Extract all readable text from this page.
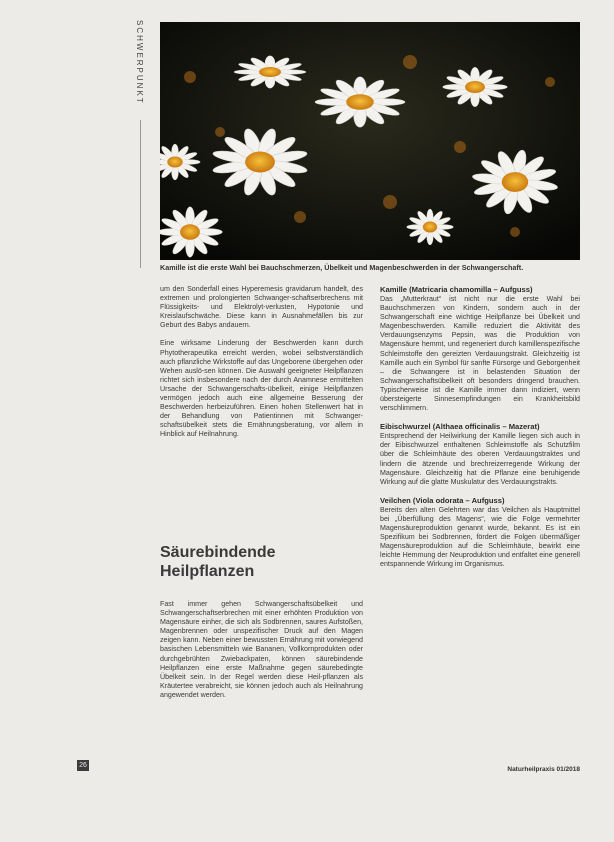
SCHWERPUNKT
Kamille ist die erste Wahl bei Bauchschmerzen, Übelkeit und Magenbeschwerden in der Schwangerschaft.

um den Sonderfall eines Hyperemesis gravidarum handelt, des extremen und prolongierten Schwanger-schaftserbrechens mit Flüssigkeits- und Elektrolyt-verlusten, Hypotonie und Kreislaufschwäche. Diese kann in Ausnahmefällen bis zur Geburt des Babys andauern.

Eine wirksame Linderung der Beschwerden kann durch Phytotherapeutika erreicht werden, wobei selbstverständlich auch pflanzliche Wirkstoffe auf das Ungeborene übergehen oder Wehen auslö-sen können. Die Auswahl geeigneter Heilpflanzen richtet sich insbesondere nach der durch Anamnese ermittelten Ursache der Schwangerschafts-übelkeit, einige Heilpflanzen vermögen jedoch auch eine allgemeine Besserung der Beschwerden herbeizuführen. Einen hohen Stellenwert hat in der Behandlung von Patientinnen mit Schwanger-schaftsübelkeit stets die Ernährungsberatung, vor allem in Hinblick auf Heilnahrung.

Säurebindende Heilpflanzen

Fast immer gehen Schwangerschaftsübelkeit und Schwangerschaftserbrechen mit einer erhöhten Produktion von Magensäure einher, die sich als Sodbrennen, saures Aufstoßen, Magenbrennen oder unspezifischer Druck auf den Magen zeigen kann. Neben einer bewussten Ernährung mit vorwiegend basischen Lebensmitteln wie Bananen, Vollkornprodukten oder durchgebrühten Zwiebackpaten, können säurebindende Heilpflanzen eine erste Maßnahme gegen säurebedingte Übelkeit sein. In der Regel werden diese Heil-pflanzen als Kräutertee verabreicht, sie können jedoch auch als Heilnahrung angewendet werden.

Kamille (Matricaria chamomilla – Aufguss)

Das „Mutterkraut“ ist nicht nur die erste Wahl bei Bauchschmerzen von Kindern, sondern auch in der Schwangerschaft eine wichtige Heilpflanze bei Übelkeit und Magenbeschwerden. Kamille reduziert die Aktivität des Verdauungsenzyms Pepsin, was die Produktion von Magensäure hemmt, und regeneriert durch kamillenspezifische Schleimstoffe den gereizten Verdauungstrakt. Gleichzeitig ist Kamille auch ein Symbol für sanfte Fürsorge und Geborgenheit – die Schwangere ist in belastenden Situation der Schwangerschaftsübelkeit oft besonders dringend brauchen. Typischerweise ist die Kamille immer dann indiziert, wenn übersteigerte Sinnesempfindungen ein Krankheitsbild verschlimmern.

Eibischwurzel (Althaea officinalis – Mazerat)

Entsprechend der Heilwirkung der Kamille liegen sich auch in der Eibischwurzel enthaltenen Schleimstoffe als Schutzfilm über die Schleimhäute des oberen Verdauungstraktes und lindern die ätzende und brechreizerregende Wirkung der Magensäure. Gleichzeitig hat die Pflanze eine beruhigende Wirkung auf die glatte Muskulatur des Verdauungstrakts.

Veilchen (Viola odorata – Aufguss)

Bereits den alten Gelehrten war das Veilchen als Hauptmittel bei „Überfüllung des Magens“, wie die Folge vermehrter Magensäureproduktion genannt wurde, bekannt. Es ist ein Spezifikum bei Sodbrennen, fördert die Folgen übermäßiger Magensäureproduktion auf die Schleimhäute, bewirkt eine leichte Hemmung der Neuproduktion und entfaltet eine generell entspannende Wirkung im Organismus.

26
Naturheilpraxis 01/2018
